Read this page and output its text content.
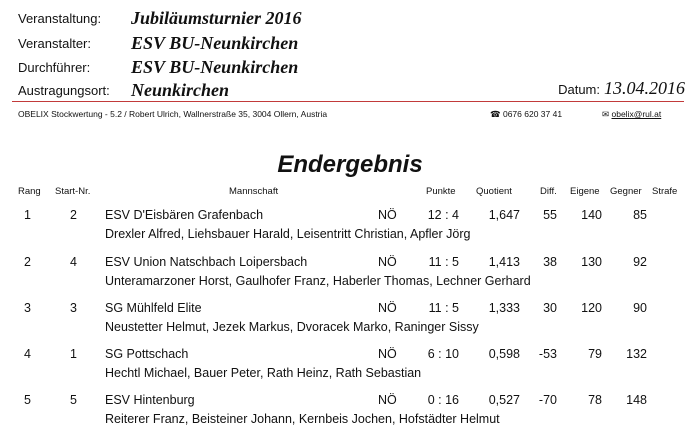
Veranstaltung: Jubiläumsturnier 2016
Veranstalter: ESV BU-Neunkirchen
Durchführer: ESV BU-Neunkirchen
Austragungsort: Neunkirchen	Datum: 13.04.2016
OBELIX Stockwertung - 5.2 / Robert Ulrich, Wallnerstraße 35, 3004 Ollern, Austria	☎ 0676 620 37 41	✉ obelix@rul.at
Endergebnis
Rang Start-Nr.	Mannschaft	Punkte Quotient	Diff. Eigene Gegner Strafe
1	2 ESV D'Eisbären Grafenbach	NÖ	12 : 4	1,647	55	140	85
Drexler Alfred, Liehsbauer Harald, Leisentritt Christian, Apfler Jörg
2	4 ESV Union Natschbach Loipersbach	NÖ	11 : 5	1,413	38	130	92
Unteramarzoner Horst, Gaulhofer Franz, Haberler Thomas, Lechner Gerhard
3	3 SG Mühlfeld Elite	NÖ	11 : 5	1,333	30	120	90
Neustetter Helmut, Jezek Markus, Dvoracek Marko, Raninger Sissy
4	1 SG Pottschach	NÖ	6 : 10	0,598	-53	79	132
Hechtl Michael, Bauer Peter, Rath Heinz, Rath Sebastian
5	5 ESV Hintenburg	NÖ	0 : 16	0,527	-70	78	148
Reiterer Franz, Beisteiner Johann, Kernbeis Jochen, Hofstädter Helmut
